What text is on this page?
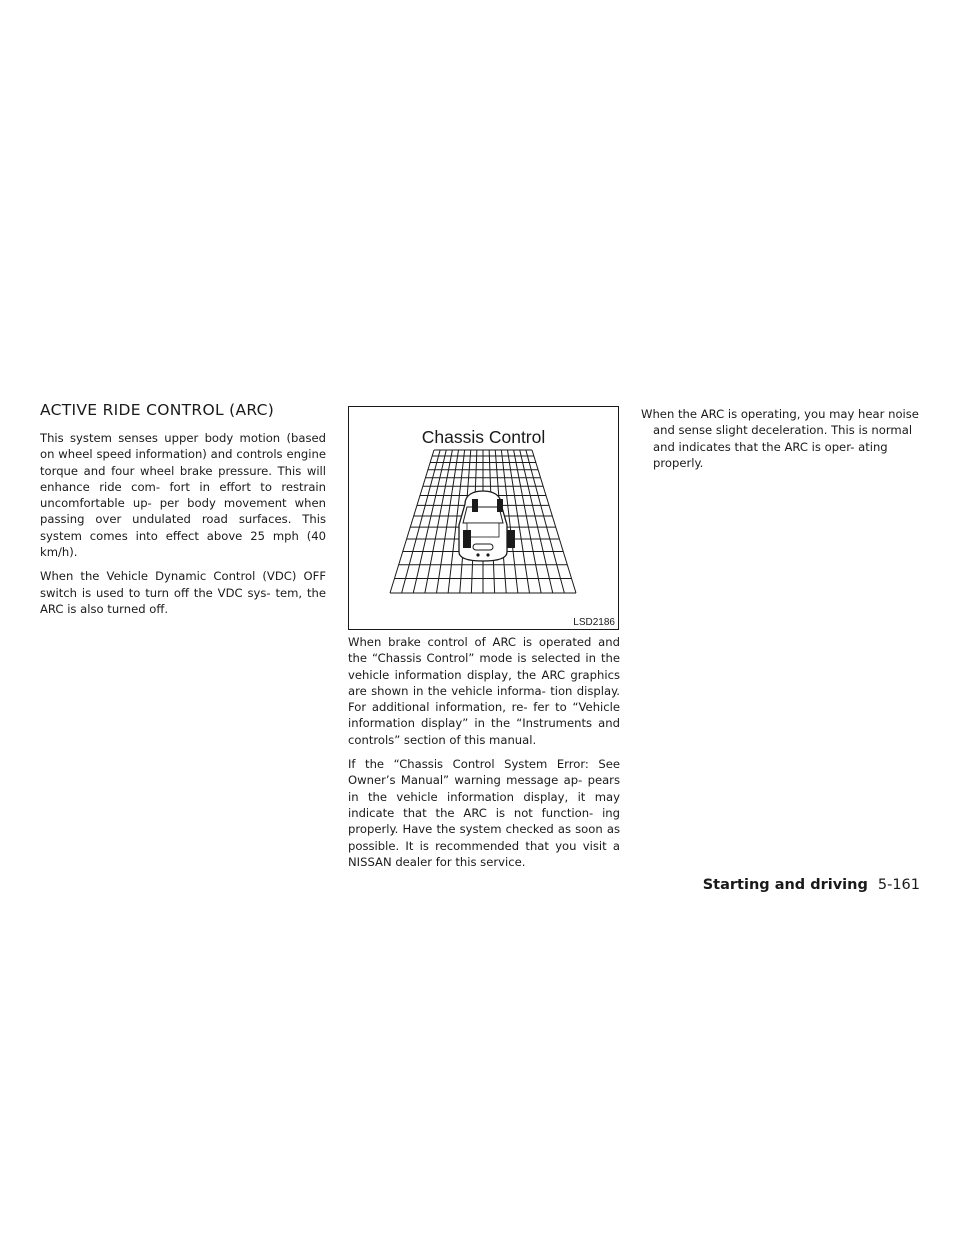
ACTIVE RIDE CONTROL (ARC)

This system senses upper body motion (based on wheel speed information) and controls engine torque and four wheel brake pressure. This will enhance ride com- fort in effort to restrain uncomfortable up- per body movement when passing over undulated road surfaces. This system comes into effect above 25 mph (40 km/h).

When the Vehicle Dynamic Control (VDC) OFF switch is used to turn off the VDC sys- tem, the ARC is also turned off.

Chassis Control
LSD2186

When brake control of ARC is operated and the “Chassis Control” mode is selected in the vehicle information display, the ARC graphics are shown in the vehicle informa- tion display. For additional information, re- fer to “Vehicle information display” in the “Instruments and controls” section of this manual.

If the “Chassis Control System Error: See Owner’s Manual” warning message ap- pears in the vehicle information display, it may indicate that the ARC is not function- ing properly. Have the system checked as soon as possible. It is recommended that you visit a NISSAN dealer for this service.

When the ARC is operating, you may hear noise and sense slight deceleration. This is normal and indicates that the ARC is oper- ating properly.

Starting and driving 5-161
